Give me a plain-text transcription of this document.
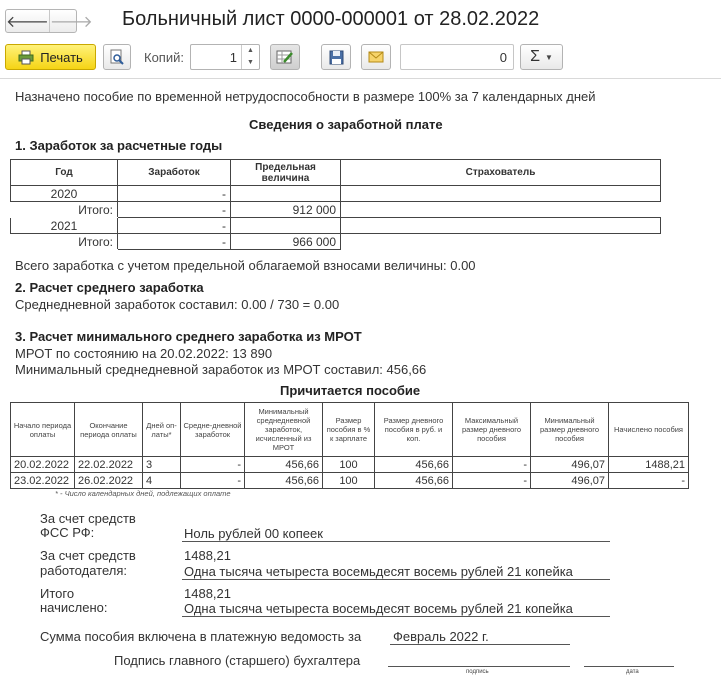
🡐 🡒 Больничный лист 0000-000001 от 28.02.2022
Печать	Копий:	1	▲
▼	0 Σ ▼
Назначено пособие по временной нетрудоспособности в размере 100% за 7 календарных дней
Сведения о заработной плате
1. Заработок за расчетные годы
Год	Заработок	Предельная величина	Страхователь
2020	-		
Итого:	-	912 000	
2021	-		
Итого:	-	966 000	
Всего заработка с учетом предельной облагаемой взносами величины: 0.00
2. Расчет среднего заработка
Среднедневной заработок составил: 0.00 / 730 = 0.00
3. Расчет минимального среднего заработка из МРОТ
МРОТ по состоянию на 20.02.2022: 13 890
Минимальный среднедневной заработок из МРОТ составил: 456,66
Причитается пособие
Начало периода оплаты	Окончание периода оплаты	Дней оп-латы*	Средне-дневной заработок	Минимальный среднедневной заработок, исчисленный из МРОТ	Размер пособия в % к зарплате	Размер дневного пособия в руб. и коп.	Максимальный размер дневного пособия	Минимальный размер дневного пособия	Начислено пособия
20.02.2022	22.02.2022	3	-	456,66	100	456,66	-	496,07	1488,21
23.02.2022	26.02.2022	4	-	456,66	100	456,66	-	496,07	-
* - Число календарных дней, подлежащих оплате
За счет средств
ФСС РФ:	Ноль рублей 00 копеек
За счет средств
работодателя:
1488,21
Одна тысяча четыреста восемьдесят восемь рублей 21 копейка
Итого
начислено:
1488,21
Одна тысяча четыреста восемьдесят восемь рублей 21 копейка
Сумма пособия включена в платежную ведомость за Февраль 2022 г.
Подпись главного (старшего) бухгалтера
подпись	дата
